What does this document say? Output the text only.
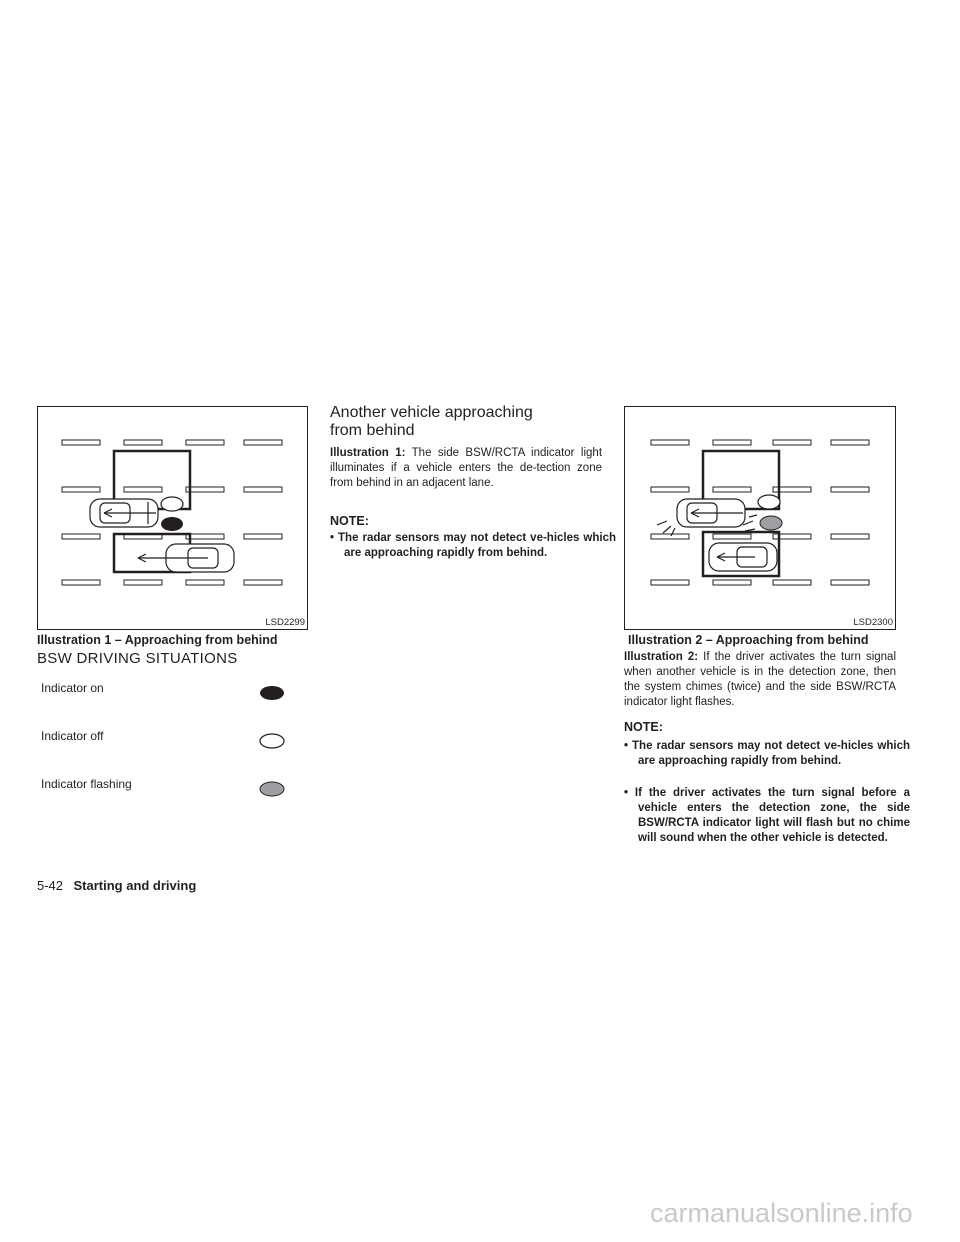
LSD2299
Illustration 1 – Approaching from behind
BSW DRIVING SITUATIONS
Indicator on
Indicator off
Indicator flashing
Another vehicle approaching
from behind
Illustration 1: The side BSW/RCTA indicator light illuminates if a vehicle enters the de-tection zone from behind in an adjacent lane.
NOTE:
• The radar sensors may not detect ve-hicles which are approaching rapidly from behind.
LSD2300
Illustration 2 – Approaching from behind
Illustration 2: If the driver activates the turn signal when another vehicle is in the detection zone, then the system chimes (twice) and the side BSW/RCTA indicator light flashes.
NOTE:
• The radar sensors may not detect ve-hicles which are approaching rapidly from behind.
• If the driver activates the turn signal before a vehicle enters the detection zone, the side BSW/RCTA indicator light will flash but no chime will sound when the other vehicle is detected.
5-42 Starting and driving
carmanualsonline.info
